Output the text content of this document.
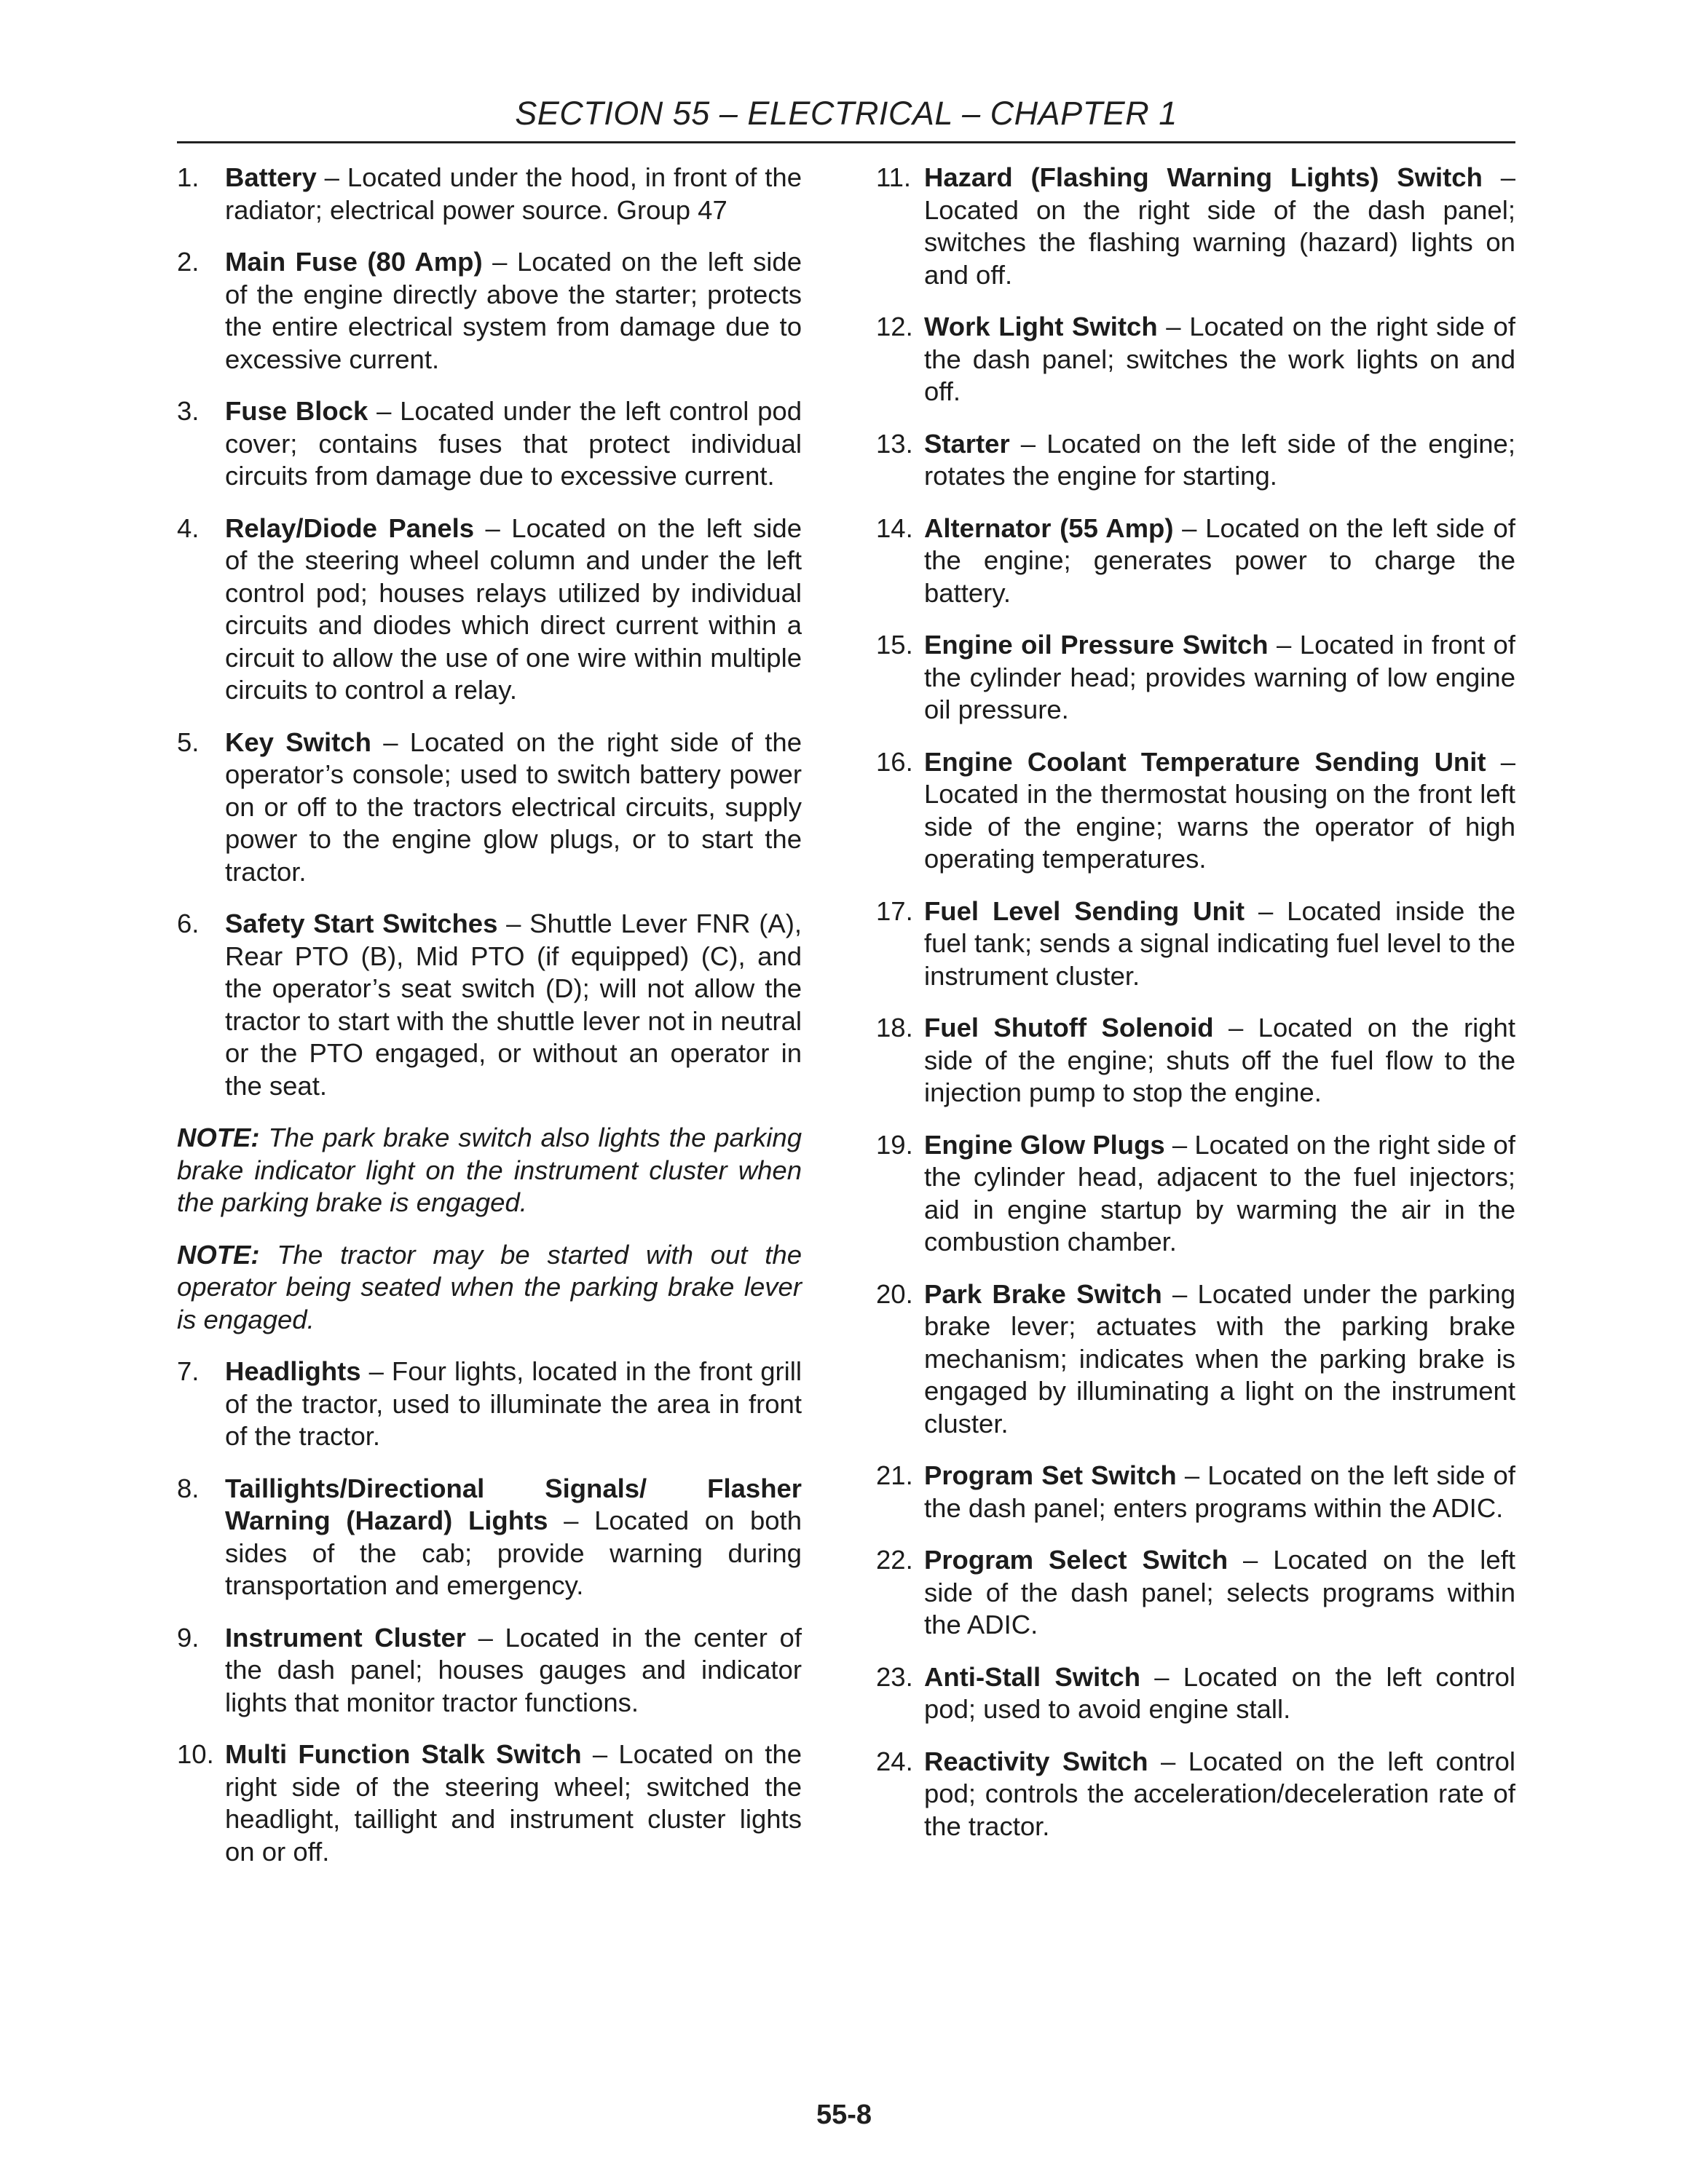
SECTION 55 – ELECTRICAL – CHAPTER 1
1. Battery – Located under the hood, in front of the radiator; electrical power source. Group 47
2. Main Fuse (80 Amp) – Located on the left side of the engine directly above the starter; protects the entire electrical system from damage due to excessive current.
3. Fuse Block – Located under the left control pod cover; contains fuses that protect individual circuits from damage due to excessive current.
4. Relay/Diode Panels – Located on the left side of the steering wheel column and under the left control pod; houses relays utilized by individual circuits and diodes which direct current within a circuit to allow the use of one wire within multiple circuits to control a relay.
5. Key Switch – Located on the right side of the operator’s console; used to switch battery power on or off to the tractors electrical circuits, supply power to the engine glow plugs, or to start the tractor.
6. Safety Start Switches – Shuttle Lever FNR (A), Rear PTO (B), Mid PTO (if equipped) (C), and the operator’s seat switch (D); will not allow the tractor to start with the shuttle lever not in neutral or the PTO engaged, or without an operator in the seat.
NOTE: The park brake switch also lights the parking brake indicator light on the instrument cluster when the parking brake is engaged.
NOTE: The tractor may be started with out the operator being seated when the parking brake lever is engaged.
7. Headlights – Four lights, located in the front grill of the tractor, used to illuminate the area in front of the tractor.
8. Taillights/Directional Signals/ Flasher Warning (Hazard) Lights – Located on both sides of the cab; provide warning during transportation and emergency.
9. Instrument Cluster – Located in the center of the dash panel; houses gauges and indicator lights that monitor tractor functions.
10. Multi Function Stalk Switch – Located on the right side of the steering wheel; switched the headlight, taillight and instrument cluster lights on or off.
11. Hazard (Flashing Warning Lights) Switch – Located on the right side of the dash panel; switches the flashing warning (hazard) lights on and off.
12. Work Light Switch – Located on the right side of the dash panel; switches the work lights on and off.
13. Starter – Located on the left side of the engine; rotates the engine for starting.
14. Alternator (55 Amp) – Located on the left side of the engine; generates power to charge the battery.
15. Engine oil Pressure Switch – Located in front of the cylinder head; provides warning of low engine oil pressure.
16. Engine Coolant Temperature Sending Unit – Located in the thermostat housing on the front left side of the engine; warns the operator of high operating temperatures.
17. Fuel Level Sending Unit – Located inside the fuel tank; sends a signal indicating fuel level to the instrument cluster.
18. Fuel Shutoff Solenoid – Located on the right side of the engine; shuts off the fuel flow to the injection pump to stop the engine.
19. Engine Glow Plugs – Located on the right side of the cylinder head, adjacent to the fuel injectors; aid in engine startup by warming the air in the combustion chamber.
20. Park Brake Switch – Located under the parking brake lever; actuates with the parking brake mechanism; indicates when the parking brake is engaged by illuminating a light on the instrument cluster.
21. Program Set Switch – Located on the left side of the dash panel; enters programs within the ADIC.
22. Program Select Switch – Located on the left side of the dash panel; selects programs within the ADIC.
23. Anti-Stall Switch – Located on the left control pod; used to avoid engine stall.
24. Reactivity Switch – Located on the left control pod; controls the acceleration/deceleration rate of the tractor.
55-8
